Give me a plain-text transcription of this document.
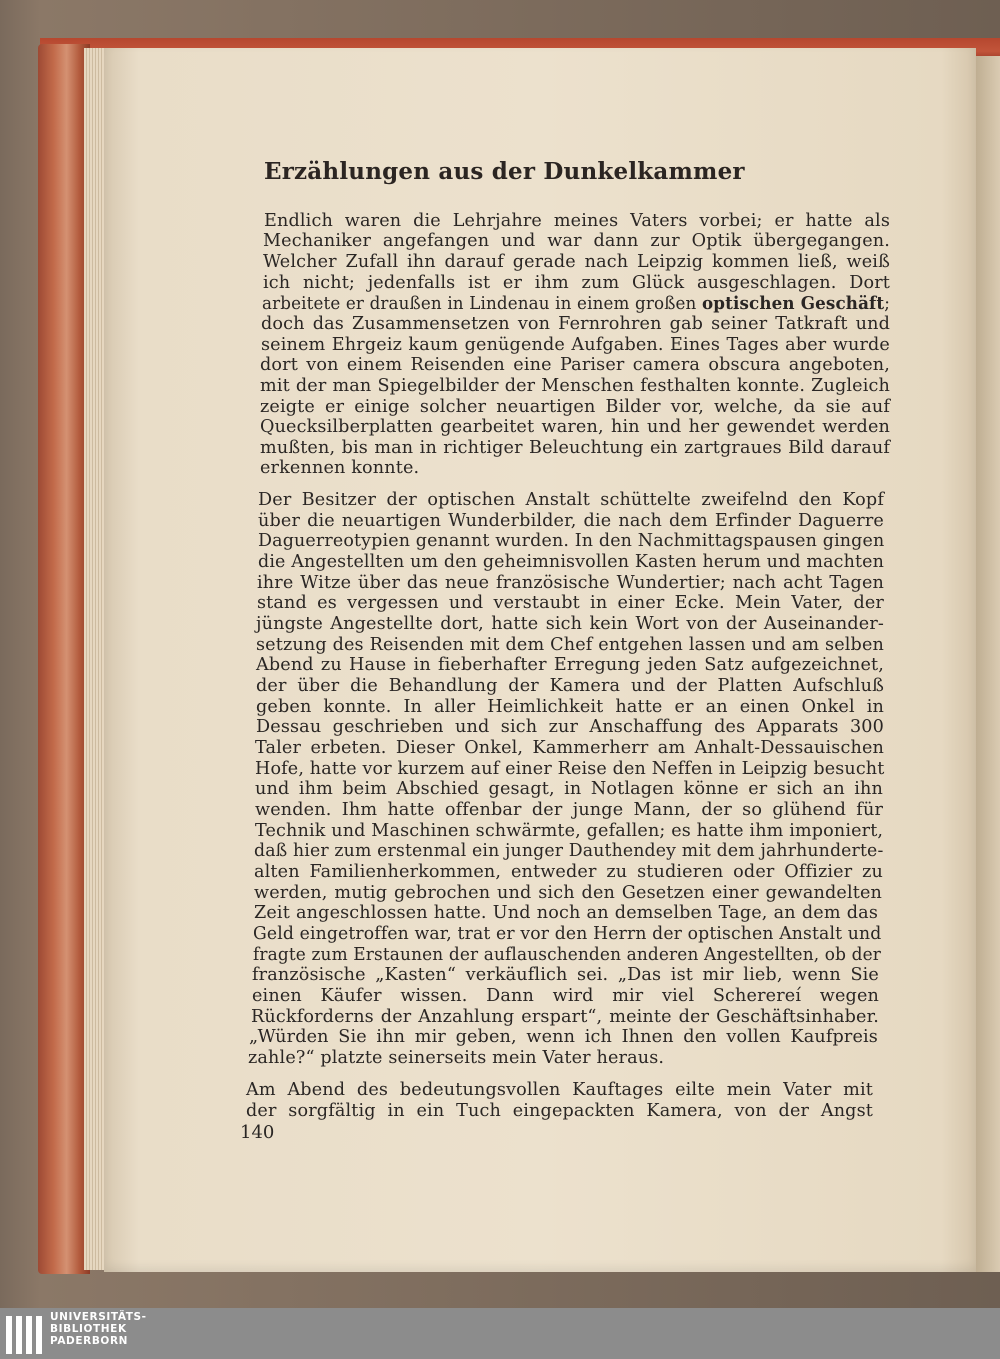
Erzählungen aus der Dunkelkammer
Endlich waren die Lehrjahre meines Vaters vorbei; er hatte als
Mechaniker angefangen und war dann zur Optik übergegangen.
Welcher Zufall ihn darauf gerade nach Leipzig kommen ließ, weiß
ich nicht; jedenfalls ist er ihm zum Glück ausgeschlagen. Dort
arbeitete er draußen in Lindenau in einem großen optischen Geschäft;
doch das Zusammensetzen von Fernrohren gab seiner Tatkraft und
seinem Ehrgeiz kaum genügende Aufgaben. Eines Tages aber wurde
dort von einem Reisenden eine Pariser camera obscura angeboten,
mit der man Spiegelbilder der Menschen festhalten konnte. Zugleich
zeigte er einige solcher neuartigen Bilder vor, welche, da sie auf
Quecksilberplatten gearbeitet waren, hin und her gewendet werden
mußten, bis man in richtiger Beleuchtung ein zartgraues Bild darauf
erkennen konnte.
Der Besitzer der optischen Anstalt schüttelte zweifelnd den Kopf
über die neuartigen Wunderbilder, die nach dem Erfinder Daguerre
Daguerreotypien genannt wurden. In den Nachmittagspausen gingen
die Angestellten um den geheimnisvollen Kasten herum und machten
ihre Witze über das neue französische Wundertier; nach acht Tagen
stand es vergessen und verstaubt in einer Ecke. Mein Vater, der
jüngste Angestellte dort, hatte sich kein Wort von der Auseinander-
setzung des Reisenden mit dem Chef entgehen lassen und am selben
Abend zu Hause in fieberhafter Erregung jeden Satz aufgezeichnet,
der über die Behandlung der Kamera und der Platten Aufschluß
geben konnte. In aller Heimlichkeit hatte er an einen Onkel in
Dessau geschrieben und sich zur Anschaffung des Apparats 300
Taler erbeten. Dieser Onkel, Kammerherr am Anhalt-Dessauischen
Hofe, hatte vor kurzem auf einer Reise den Neffen in Leipzig besucht
und ihm beim Abschied gesagt, in Notlagen könne er sich an ihn
wenden. Ihm hatte offenbar der junge Mann, der so glühend für
Technik und Maschinen schwärmte, gefallen; es hatte ihm imponiert,
daß hier zum erstenmal ein junger Dauthendey mit dem jahrhunderte-
alten Familienherkommen, entweder zu studieren oder Offizier zu
werden, mutig gebrochen und sich den Gesetzen einer gewandelten
Zeit angeschlossen hatte. Und noch an demselben Tage, an dem das
Geld eingetroffen war, trat er vor den Herrn der optischen Anstalt und
fragte zum Erstaunen der auflauschenden anderen Angestellten, ob der
französische „Kasten“ verkäuflich sei. „Das ist mir lieb, wenn Sie
einen Käufer wissen. Dann wird mir viel Scherereí wegen
Rückforderns der Anzahlung erspart“, meinte der Geschäftsinhaber.
„Würden Sie ihn mir geben, wenn ich Ihnen den vollen Kaufpreis
zahle?“ platzte seinerseits mein Vater heraus.
Am Abend des bedeutungsvollen Kauftages eilte mein Vater mit
der sorgfältig in ein Tuch eingepackten Kamera, von der Angst
140
UNIVERSITÄTS-
BIBLIOTHEK
PADERBORN
